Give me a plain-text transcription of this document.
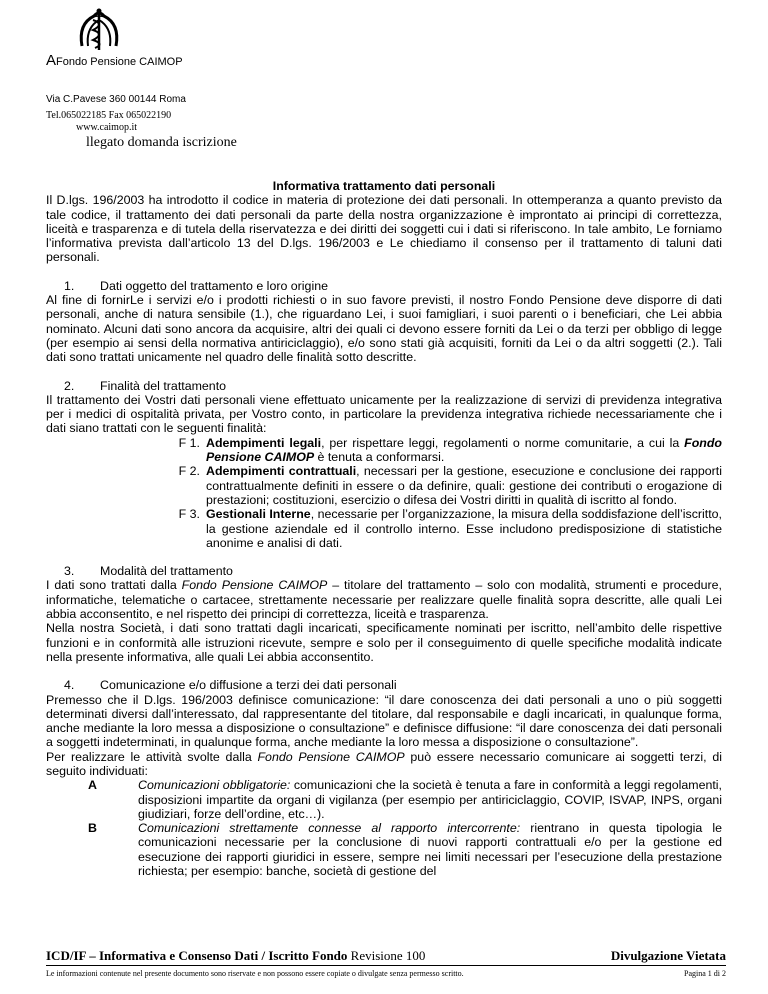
AFondo Pensione CAIMOP
Via C.Pavese 360 00144 Roma
Tel.065022185 Fax 065022190
www.caimop.it
llegato domanda iscrizione

Informativa trattamento dati personali

Il D.lgs. 196/2003 ha introdotto il codice in materia di protezione dei dati personali. In ottemperanza a quanto previsto da tale codice, il trattamento dei dati personali da parte della nostra organizzazione è improntato ai principi di correttezza, liceità e trasparenza e di tutela della riservatezza e dei diritti dei soggetti cui i dati si riferiscono. In tale ambito, Le forniamo l’informativa prevista dall’articolo 13 del D.lgs. 196/2003 e Le chiediamo il consenso per il trattamento di taluni dati personali.

1. Dati oggetto del trattamento e loro origine

Al fine di fornirLe i servizi e/o i prodotti richiesti o in suo favore previsti, il nostro Fondo Pensione deve disporre di dati personali, anche di natura sensibile (1.), che riguardano Lei, i suoi famigliari, i suoi parenti o i beneficiari, che Lei abbia nominato. Alcuni dati sono ancora da acquisire, altri dei quali ci devono essere forniti da Lei o da terzi per obbligo di legge (per esempio ai sensi della normativa antiriciclaggio), e/o sono stati già acquisiti, forniti da Lei o da altri soggetti (2.). Tali dati sono trattati unicamente nel quadro delle finalità sotto descritte.

2. Finalità del trattamento

Il trattamento dei Vostri dati personali viene effettuato unicamente per la realizzazione di servizi di previdenza integrativa per i medici di ospitalità privata, per Vostro conto, in particolare la previdenza integrativa richiede necessariamente che i dati siano trattati con le seguenti finalità:

F 1. Adempimenti legali, per rispettare leggi, regolamenti o norme comunitarie, a cui la Fondo Pensione CAIMOP è tenuta a conformarsi.
F 2. Adempimenti contrattuali, necessari per la gestione, esecuzione e conclusione dei rapporti contrattualmente definiti in essere o da definire, quali: gestione dei contributi o erogazione di prestazioni; costituzioni, esercizio o difesa dei Vostri diritti in qualità di iscritto al fondo.
F 3. Gestionali Interne, necessarie per l’organizzazione, la misura della soddisfazione dell’iscritto, la gestione aziendale ed il controllo interno. Esse includono predisposizione di statistiche anonime e analisi di dati.
3. Modalità del trattamento

I dati sono trattati dalla Fondo Pensione CAIMOP – titolare del trattamento – solo con modalità, strumenti e procedure, informatiche, telematiche o cartacee, strettamente necessarie per realizzare quelle finalità sopra descritte, alle quali Lei abbia acconsentito, e nel rispetto dei principi di correttezza, liceità e trasparenza.

Nella nostra Società, i dati sono trattati dagli incaricati, specificamente nominati per iscritto, nell’ambito delle rispettive funzioni e in conformità alle istruzioni ricevute, sempre e solo per il conseguimento di quelle specifiche modalità indicate nella presente informativa, alle quali Lei abbia acconsentito.

4. Comunicazione e/o diffusione a terzi dei dati personali

Premesso che il D.lgs. 196/2003 definisce comunicazione: “il dare conoscenza dei dati personali a uno o più soggetti determinati diversi dall’interessato, dal rappresentante del titolare, dal responsabile e dagli incaricati, in qualunque forma, anche mediante la loro messa a disposizione o consultazione” e definisce diffusione: “il dare conoscenza dei dati personali a soggetti indeterminati, in qualunque forma, anche mediante la loro messa a disposizione o consultazione”.

Per realizzare le attività svolte dalla Fondo Pensione CAIMOP può essere necessario comunicare ai soggetti terzi, di seguito individuati:

A	Comunicazioni obbligatorie: comunicazioni che la società è tenuta a fare in conformità a leggi regolamenti, disposizioni impartite da organi di vigilanza (per esempio per antiriciclaggio, COVIP, ISVAP, INPS, organi giudiziari, forze dell’ordine, etc…).
B	Comunicazioni strettamente connesse al rapporto intercorrente: rientrano in questa tipologia le comunicazioni necessarie per la conclusione di nuovi rapporti contrattuali e/o per la gestione ed esecuzione dei rapporti giuridici in essere, sempre nei limiti necessari per l’esecuzione della prestazione richiesta; per esempio: banche, società di gestione del
ICD/IF – Informativa e Consenso Dati / Iscritto Fondo Revisione 100	Divulgazione Vietata
Le informazioni contenute nel presente documento sono riservate e non possono essere copiate o divulgate senza permesso scritto.	Pagina 1 di 2
